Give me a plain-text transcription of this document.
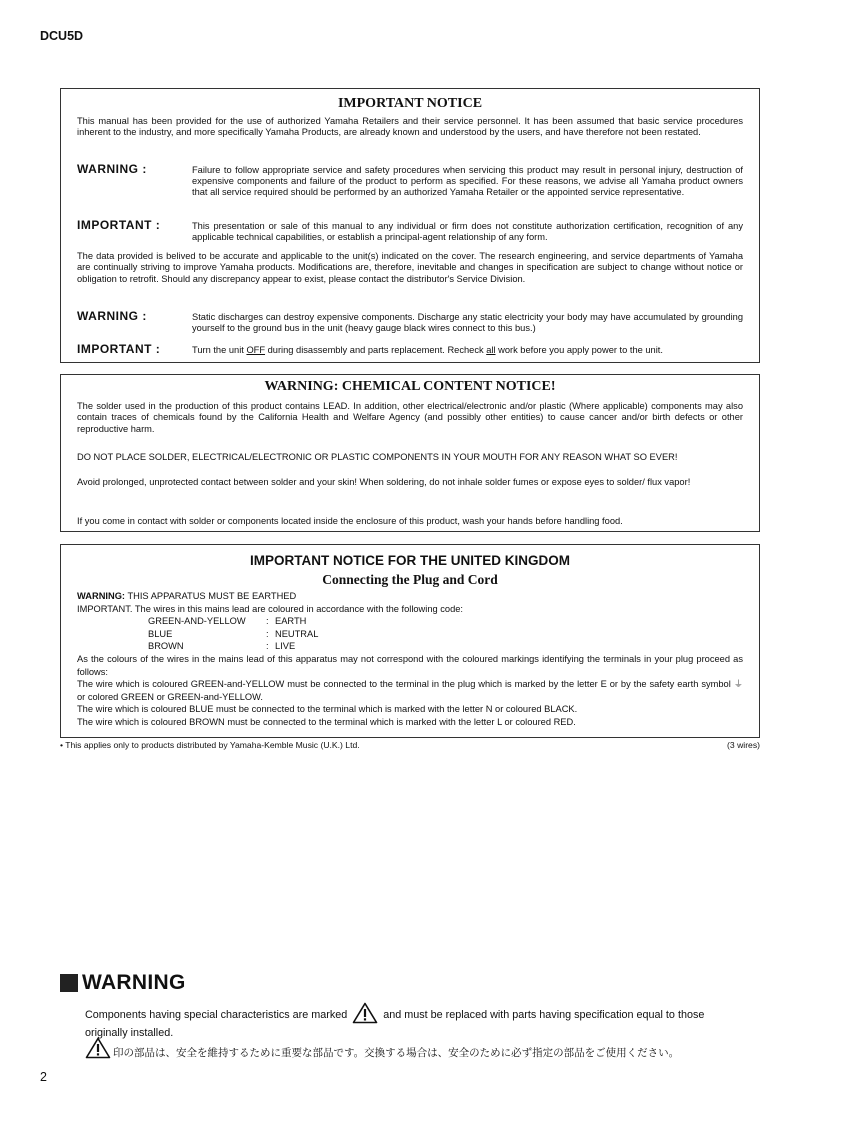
DCU5D
IMPORTANT NOTICE
This manual has been provided for the use of authorized Yamaha Retailers and their service personnel. It has been assumed that basic service procedures inherent to the industry, and more specifically Yamaha Products, are already known and understood by the users, and have therefore not been restated.
WARNING :	Failure to follow appropriate service and safety procedures when servicing this product may result in personal injury, destruction of expensive components and failure of the product to perform as specified. For these reasons, we advise all Yamaha product owners that all service required should be performed by an authorized Yamaha Retailer or the appointed service representative.
IMPORTANT :	This presentation or sale of this manual to any individual or firm does not constitute authorization certification, recognition of any applicable technical capabilities, or establish a principal-agent relationship of any form.
The data provided is belived to be accurate and applicable to the unit(s) indicated on the cover. The research engineering, and service departments of Yamaha are continually striving to improve Yamaha products. Modifications are, therefore, inevitable and changes in specification are subject to change without notice or obligation to retrofit. Should any discrepancy appear to exist, please contact the distributor's Service Division.
WARNING :	Static discharges can destroy expensive components. Discharge any static electricity your body may have accumulated by grounding yourself to the ground bus in the unit (heavy gauge black wires connect to this bus.)
IMPORTANT :	Turn the unit OFF during disassembly and parts replacement. Recheck all work before you apply power to the unit.
WARNING: CHEMICAL CONTENT NOTICE!
The solder used in the production of this product contains LEAD. In addition, other electrical/electronic and/or plastic (Where applicable) components may also contain traces of chemicals found by the California Health and Welfare Agency (and possibly other entities) to cause cancer and/or birth defects or other reproductive harm.
DO NOT PLACE SOLDER, ELECTRICAL/ELECTRONIC OR PLASTIC COMPONENTS IN YOUR MOUTH FOR ANY REASON WHAT SO EVER!
Avoid prolonged, unprotected contact between solder and your skin! When soldering, do not inhale solder fumes or expose eyes to solder/ flux vapor!
If you come in contact with solder or components located inside the enclosure of this product, wash your hands before handling food.
IMPORTANT NOTICE FOR THE UNITED KINGDOM
Connecting the Plug and Cord

WARNING: THIS APPARATUS MUST BE EARTHED

IMPORTANT. The wires in this mains lead are coloured in accordance with the following code:

GREEN-AND-YELLOW : EARTH
BLUE	: NEUTRAL
BROWN	: LIVE

As the colours of the wires in the mains lead of this apparatus may not correspond with the coloured markings identifying the terminals in your plug proceed as follows:

The wire which is coloured GREEN-and-YELLOW must be connected to the terminal in the plug which is marked by the letter E or by the safety earth symbol ⏚ or colored GREEN or GREEN-and-YELLOW.

The wire which is coloured BLUE must be connected to the terminal which is marked with the letter N or coloured BLACK.

The wire which is coloured BROWN must be connected to the terminal which is marked with the letter L or coloured RED.

• This applies only to products distributed by Yamaha-Kemble Music (U.K.) Ltd.	(3 wires)
WARNING
Components having special characteristics are marked	and must be replaced with parts having specification equal to those originally installed.
印の部品は、安全を維持するために重要な部品です。交換する場合は、安全のために必ず指定の部品をご使用ください。
2
